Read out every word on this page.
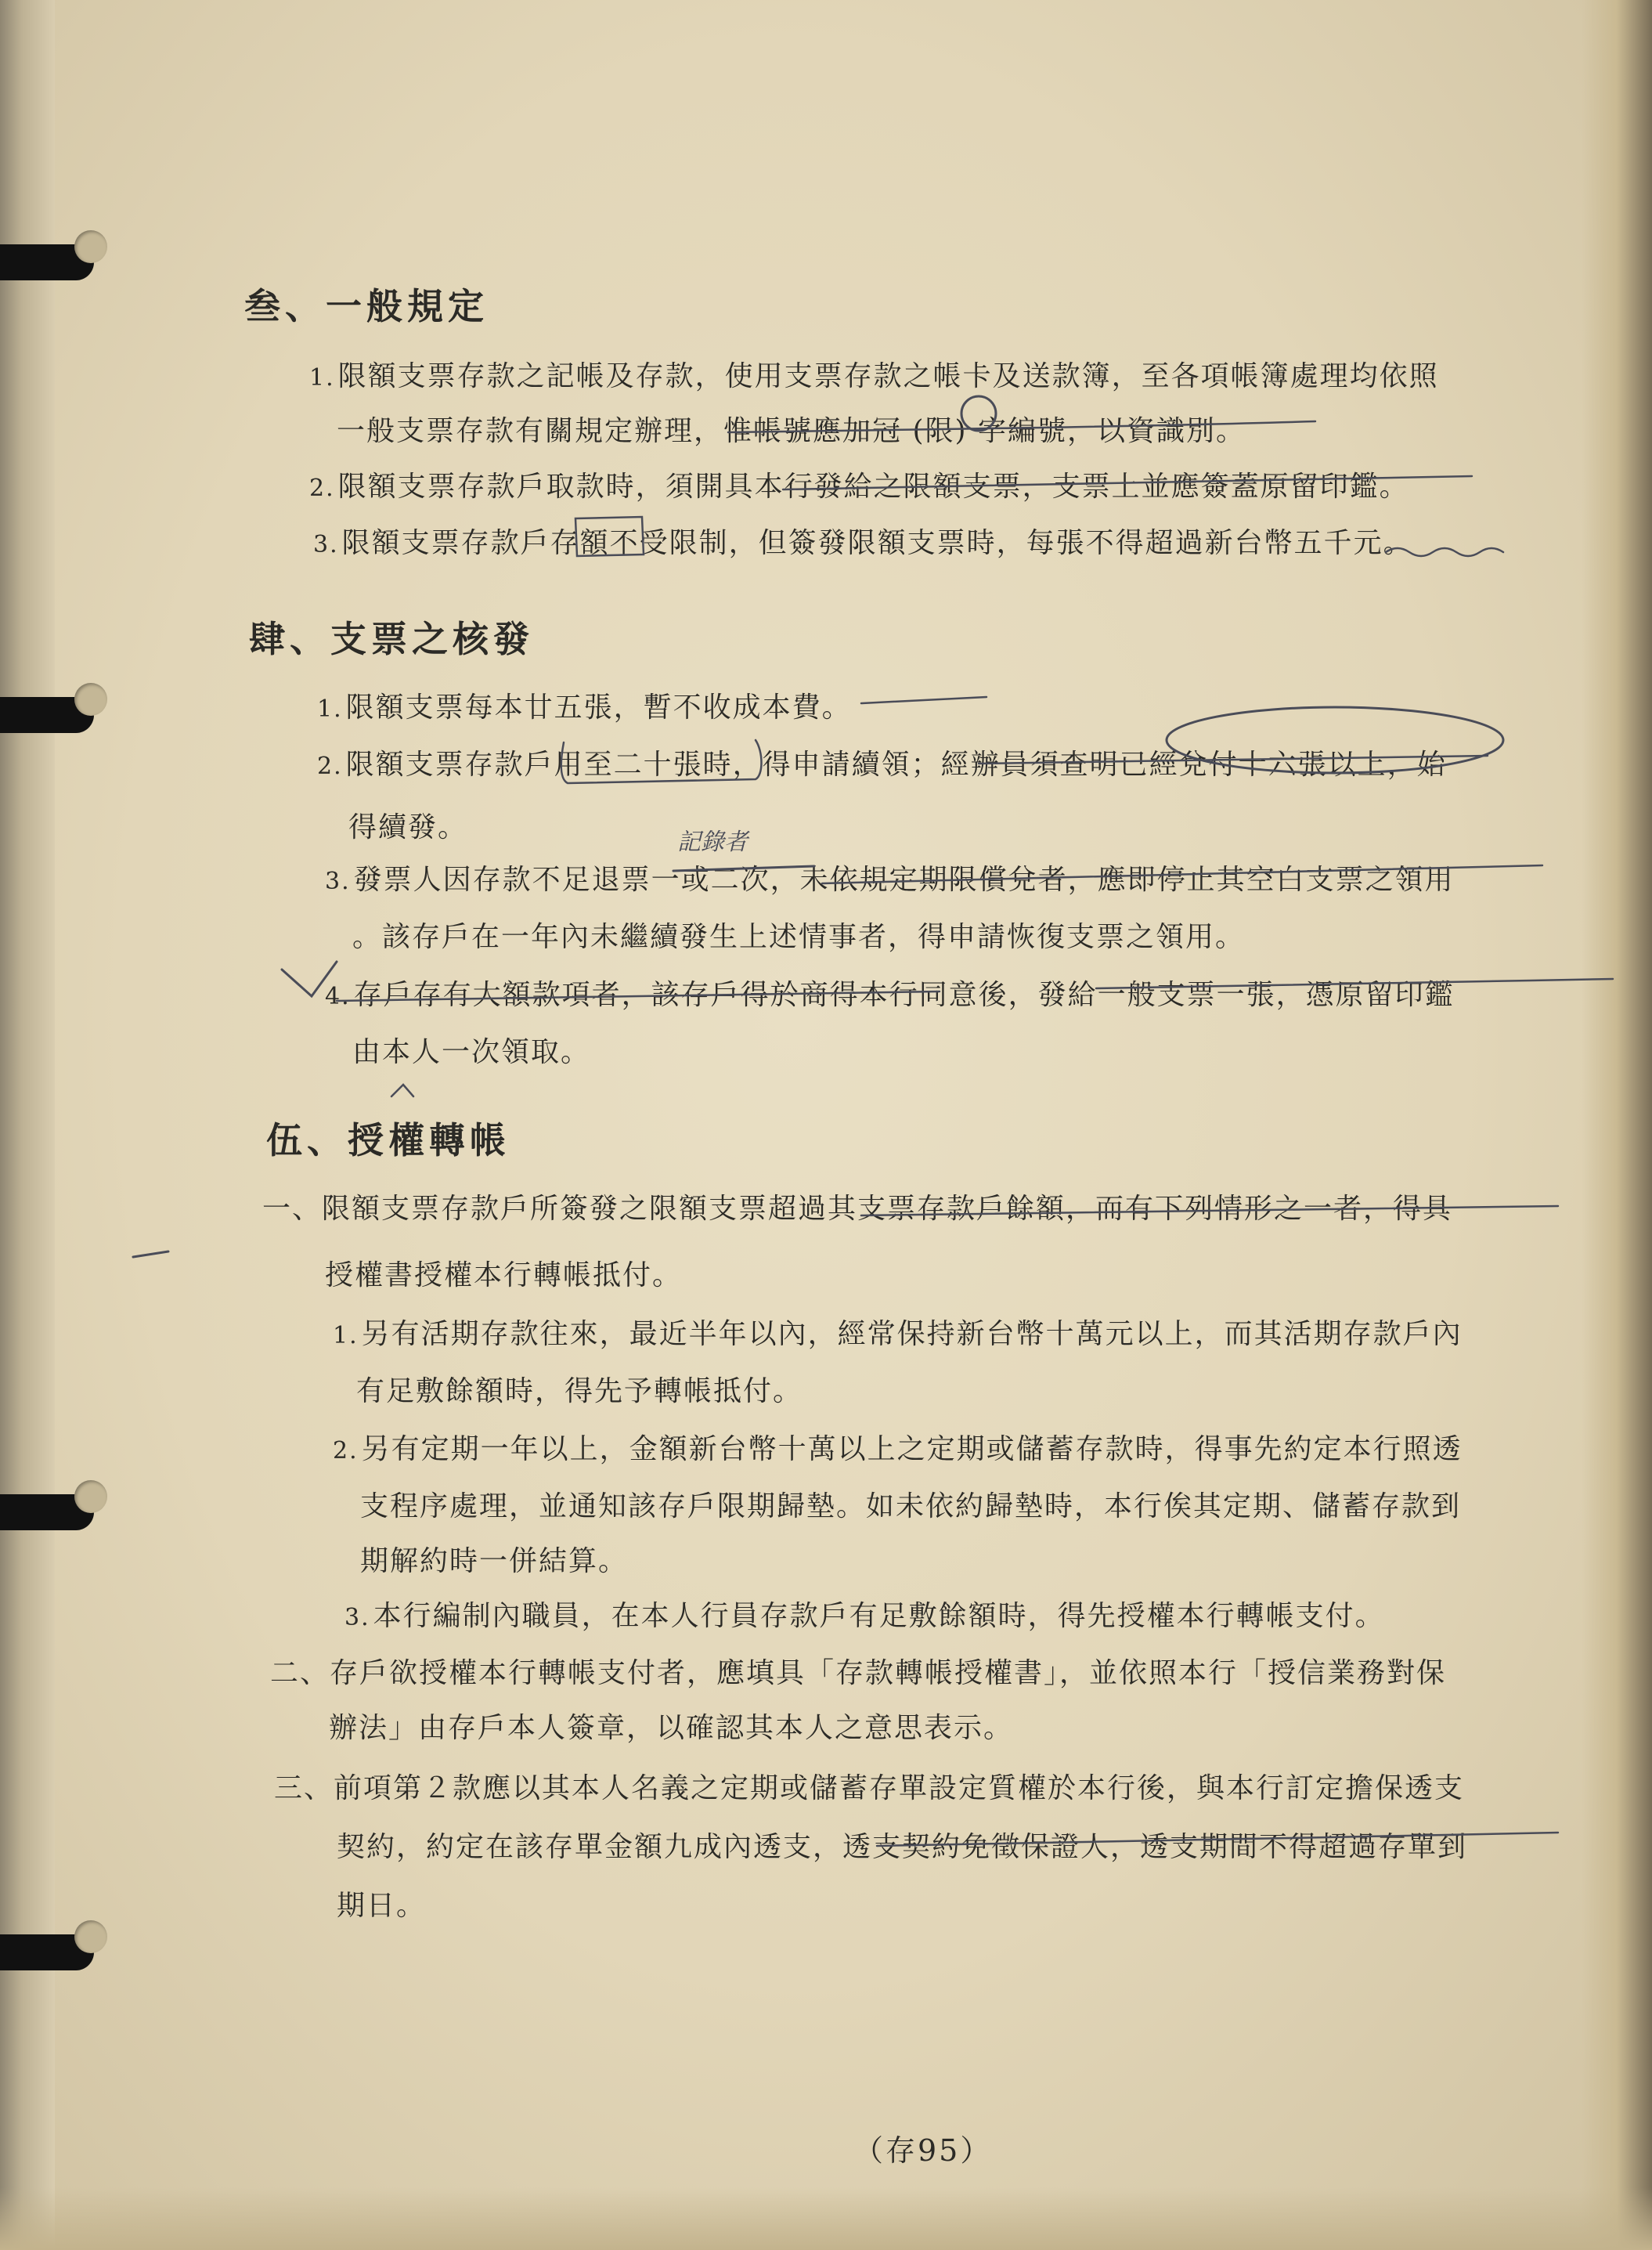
叁、一般規定
1. 限額支票存款之記帳及存款，使用支票存款之帳卡及送款簿，至各項帳簿處理均依照
一般支票存款有關規定辦理，惟帳號應加冠 (限) 字編號，以資識別。
2. 限額支票存款戶取款時，須開具本行發給之限額支票，支票上並應簽蓋原留印鑑。
3. 限額支票存款戶存額不受限制，但簽發限額支票時，每張不得超過新台幣五千元。
肆、支票之核發
1. 限額支票每本廿五張，暫不收成本費。
2. 限額支票存款戶用至二十張時，得申請續領；經辦員須查明已經兌付十六張以上，始
得續發。
3. 發票人因存款不足退票一或二次，未依規定期限償兌者，應即停止其空白支票之領用
。該存戶在一年內未繼續發生上述情事者，得申請恢復支票之領用。
4. 存戶存有大額款項者，該存戶得於商得本行同意後，發給一般支票一張，憑原留印鑑
由本人一次領取。
伍、授權轉帳
一、限額支票存款戶所簽發之限額支票超過其支票存款戶餘額，而有下列情形之一者，得具
授權書授權本行轉帳抵付。
1. 另有活期存款往來，最近半年以內，經常保持新台幣十萬元以上，而其活期存款戶內
有足敷餘額時，得先予轉帳抵付。
2. 另有定期一年以上，金額新台幣十萬以上之定期或儲蓄存款時，得事先約定本行照透
支程序處理，並通知該存戶限期歸墊。如未依約歸墊時，本行俟其定期、儲蓄存款到
期解約時一併結算。
3. 本行編制內職員，在本人行員存款戶有足敷餘額時，得先授權本行轉帳支付。
二、存戶欲授權本行轉帳支付者，應填具「存款轉帳授權書」，並依照本行「授信業務對保
辦法」由存戶本人簽章，以確認其本人之意思表示。
三、前項第２款應以其本人名義之定期或儲蓄存單設定質權於本行後，與本行訂定擔保透支
契約，約定在該存單金額九成內透支，透支契約免徵保證人，透支期間不得超過存單到
期日。
（存95）
記錄者
